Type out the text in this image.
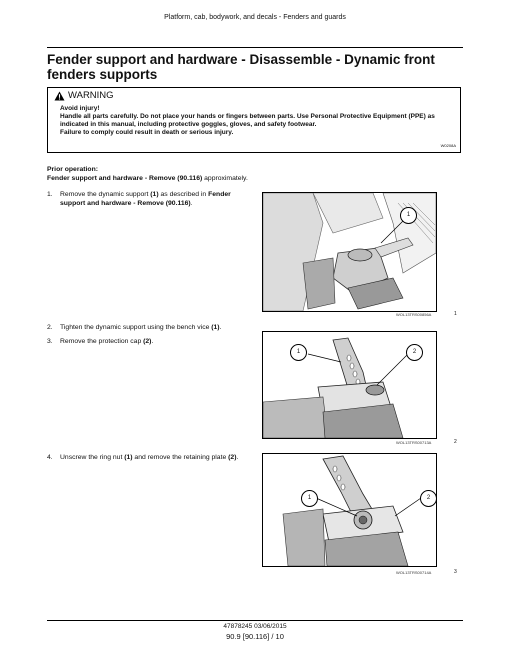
Platform, cab, bodywork, and decals - Fenders and guards
Fender support and hardware - Disassemble - Dynamic front fenders supports
WARNING
Avoid injury!
Handle all parts carefully. Do not place your hands or fingers between parts. Use Personal Protective Equipment (PPE) as indicated in this manual, including protective goggles, gloves, and safety footwear.
Failure to comply could result in death or serious injury.
W0208A
Prior operation:
Fender support and hardware - Remove (90.116) approximately.
1. Remove the dynamic support (1) as described in Fender support and hardware - Remove (90.116).
1
WOL13TRS00856A	1
2. Tighten the dynamic support using the bench vice (1).
3. Remove the protection cap (2).
1	2
WOL13TRS00713A	2
4. Unscrew the ring nut (1) and remove the retaining plate (2).
1	2
WOL13TRS00714A	3
47878245 03/06/2015
90.9 [90.116] / 10
